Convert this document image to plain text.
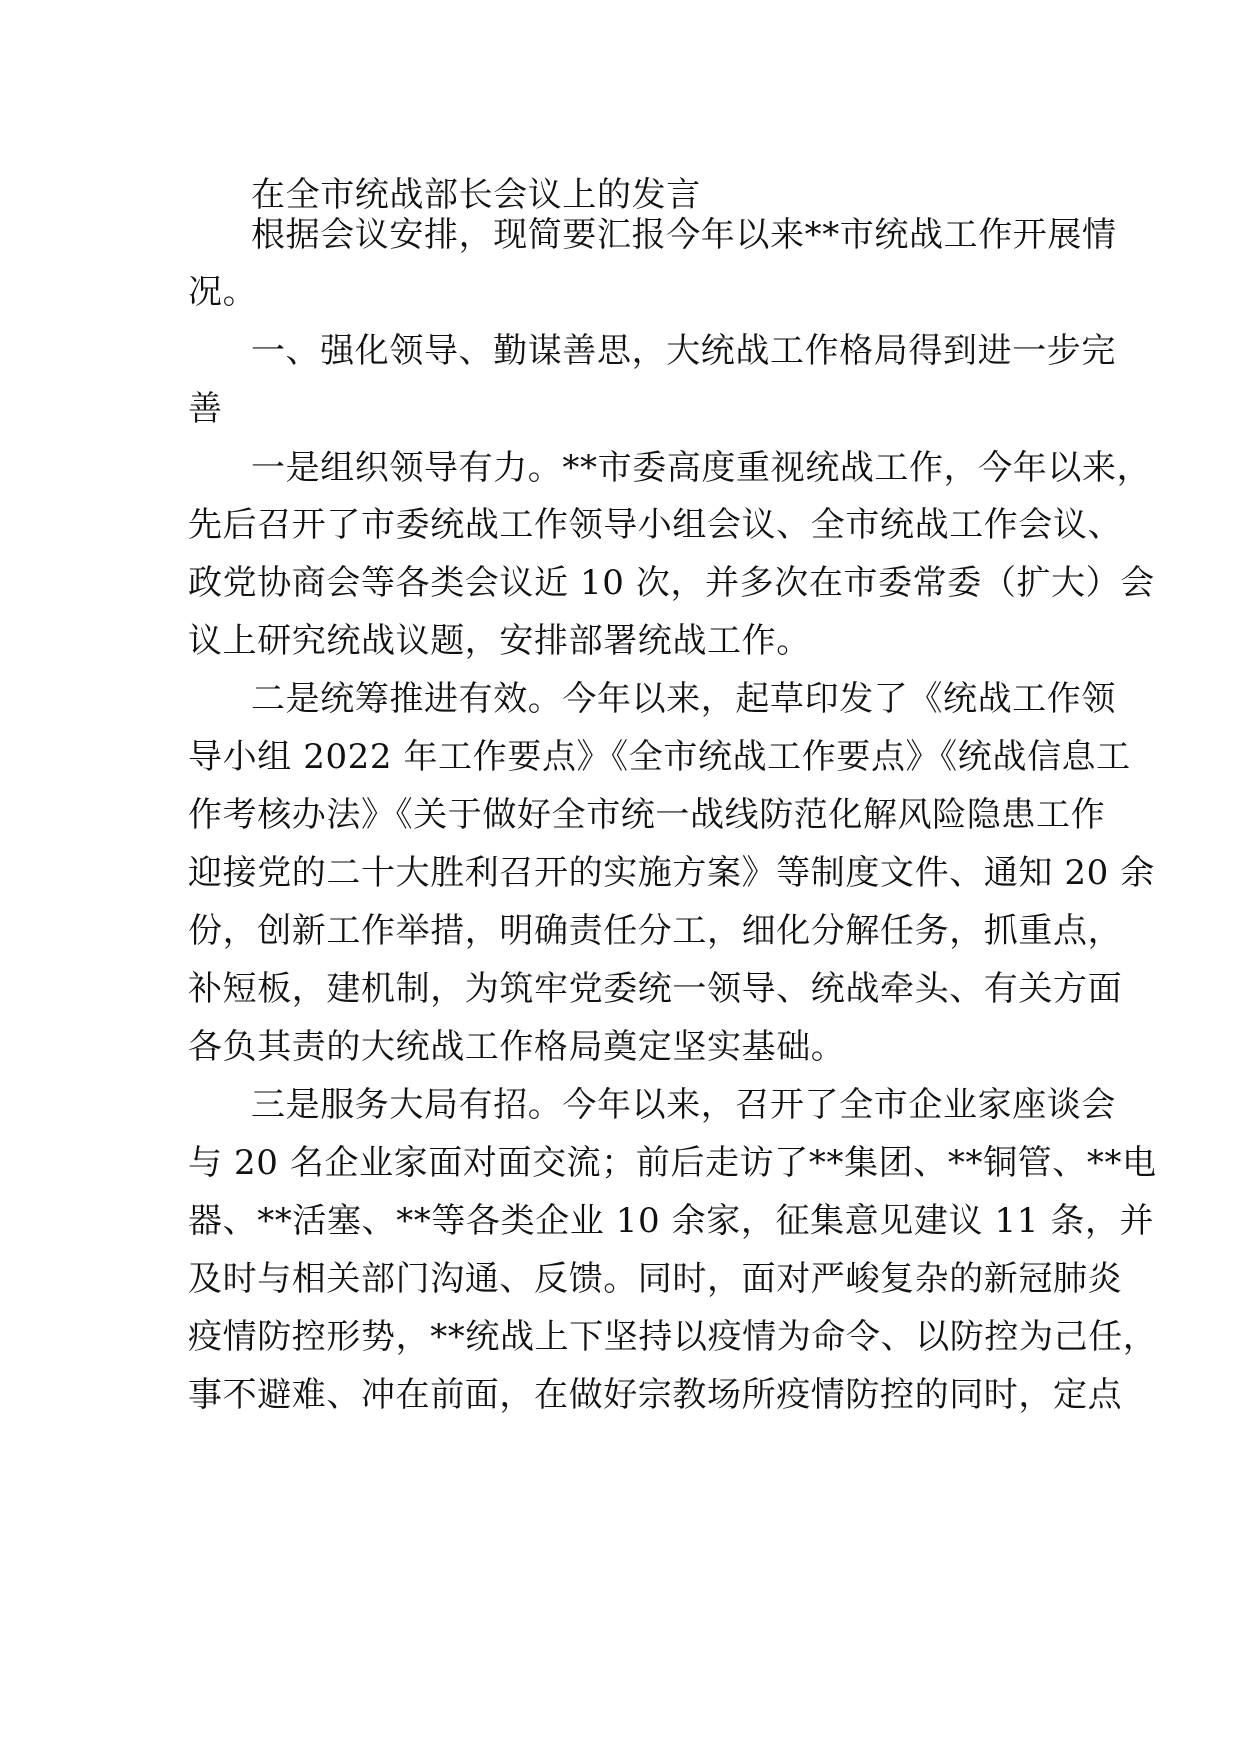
在全市统战部长会议上的发言
根据会议安排，现简要汇报今年以来**市统战工作开展情
况。
一、强化领导、勤谋善思，大统战工作格局得到进一步完
善
一是组织领导有力。**市委高度重视统战工作，今年以来，
先后召开了市委统战工作领导小组会议、全市统战工作会议、
政党协商会等各类会议近 10 次，并多次在市委常委（扩大）会
议上研究统战议题，安排部署统战工作。
二是统筹推进有效。今年以来，起草印发了《统战工作领
导小组 2022 年工作要点》《全市统战工作要点》《统战信息工
作考核办法》《关于做好全市统一战线防范化解风险隐患工作
迎接党的二十大胜利召开的实施方案》等制度文件、通知 20 余
份，创新工作举措，明确责任分工，细化分解任务，抓重点，
补短板，建机制，为筑牢党委统一领导、统战牵头、有关方面
各负其责的大统战工作格局奠定坚实基础。
三是服务大局有招。今年以来，召开了全市企业家座谈会
与 20 名企业家面对面交流；前后走访了**集团、**铜管、**电
器、**活塞、**等各类企业 10 余家，征集意见建议 11 条，并
及时与相关部门沟通、反馈。同时，面对严峻复杂的新冠肺炎
疫情防控形势，**统战上下坚持以疫情为命令、以防控为己任，
事不避难、冲在前面，在做好宗教场所疫情防控的同时，定点
